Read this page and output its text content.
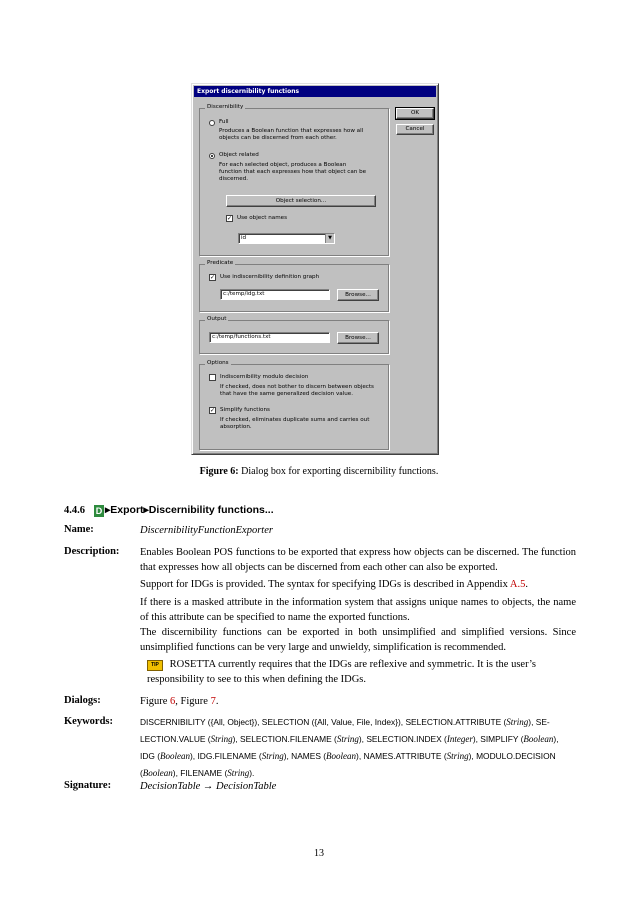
Export discernibility functions
OK
Cancel
Discernibility
Full
Produces a Boolean function that expresses how all objects can be discerned from each other.
Object related
For each selected object, produces a Boolean function that each expresses how that object can be discerned.
Object selection...
✓ Use object names
id	▼
Predicate
✓ Use indiscernibility definition graph
c:/temp/idg.txt	Browse...
Output
c:/temp/functions.txt	Browse...
Options
Indiscernibility modulo decision
If checked, does not bother to discern between objects that have the same generalized decision value.
✓ Simplify functions
If checked, eliminates duplicate sums and carries out absorption.
Figure 6: Dialog box for exporting discernibility functions.
4.4.6 D ▸Export▸Discernibility functions...
Name:	DiscernibilityFunctionExporter
Description: Enables Boolean POS functions to be exported that express how objects can be discerned. The function that expresses how all objects can be discerned from each other can also be exported.
Support for IDGs is provided. The syntax for specifying IDGs is described in Appendix A.5.
If there is a masked attribute in the information system that assigns unique names to objects, the name of this attribute can be specified to name the exported functions.
The discernibility functions can be exported in both unsimplified and simplified versions. Since unsimplified functions can be very large and unwieldy, simplification is recommended.
TIP ROSETTA currently requires that the IDGs are reflexive and symmetric. It is the user’s responsibility to see to this when defining the IDGs.
Dialogs:	Figure 6, Figure 7.
Keywords:	DISCERNIBILITY ({All, Object}), SELECTION ({All, Value, File, Index}), SELECTION.ATTRIBUTE (String), SE-
LECTION.VALUE (String), SELECTION.FILENAME (String), SELECTION.INDEX (Integer), SIMPLIFY (Boolean),
IDG (Boolean), IDG.FILENAME (String), NAMES (Boolean), NAMES.ATTRIBUTE (String), MODULO.DECISION
(Boolean), FILENAME (String).
Signature:	DecisionTable → DecisionTable
13
